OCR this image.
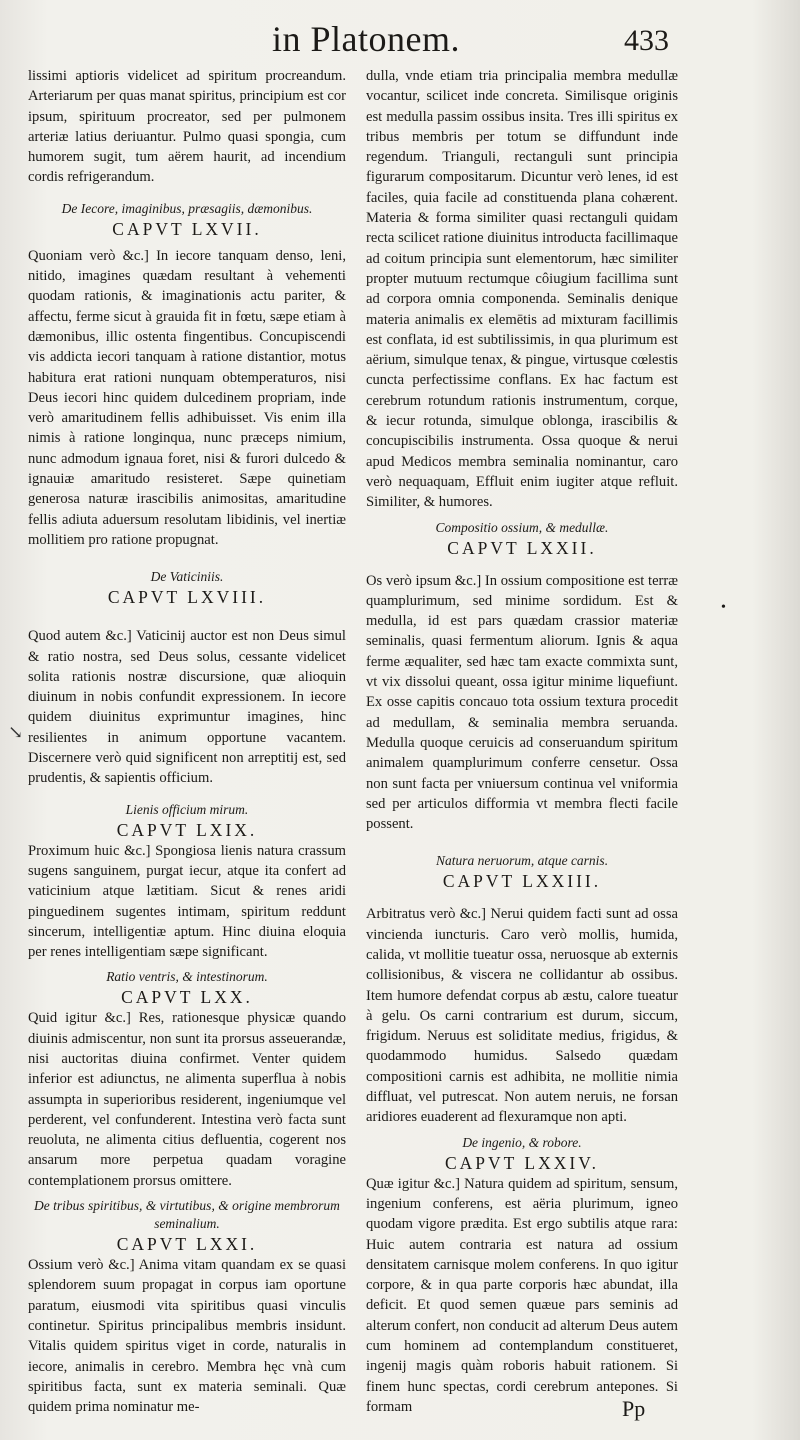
in Platonem.	433
↘
•

lissimi aptioris videlicet ad spiritum procreandum. Arteriarum per quas manat spiritus, principium est cor ipsum, spirituum procreator, sed per pulmonem arteriæ latius deriuantur. Pulmo quasi spongia, cum humorem sugit, tum aërem haurit, ad incendium cordis refrigerandum.

De Iecore, imaginibus, præsagiis, dæmonibus.

CAPVT LXVII.

Quoniam verò &c.] In iecore tanquam denso, leni, nitido, imagines quædam resultant à vehementi quodam rationis, & imaginationis actu pariter, & affectu, ferme sicut à grauida fit in fœtu, sæpe etiam à dæmonibus, illic ostenta fingentibus. Concupiscendi vis addicta iecori tanquam à ratione distantior, motus habitura erat rationi nunquam obtemperaturos, nisi Deus iecori hinc quidem dulcedinem propriam, inde verò amaritudinem fellis adhibuisset. Vis enim illa nimis à ratione longinqua, nunc præceps nimium, nunc admodum ignaua foret, nisi & furori dulcedo & ignauiæ amaritudo resisteret. Sæpe quinetiam generosa naturæ irascibilis animositas, amaritudine fellis adiuta aduersum resolutam libidinis, vel inertiæ mollitiem pro ratione propugnat.

De Vaticiniis.

CAPVT LXVIII.

Quod autem &c.] Vaticinij auctor est non Deus simul & ratio nostra, sed Deus solus, cessante videlicet solita rationis nostræ discursione, quæ alioquin diuinum in nobis confundit expressionem. In iecore quidem diuinitus exprimuntur imagines, hinc resilientes in animum opportune vacantem. Discernere verò quid significent non arreptitij est, sed prudentis, & sapientis officium.

Lienis officium mirum.

CAPVT LXIX.

Proximum huic &c.] Spongiosa lienis natura crassum sugens sanguinem, purgat iecur, atque ita confert ad vaticinium atque lætitiam. Sicut & renes aridi pinguedinem sugentes intimam, spiritum reddunt sincerum, intelligentiæ aptum. Hinc diuina eloquia per renes intelligentiam sæpe significant.

Ratio ventris, & intestinorum.

CAPVT LXX.

Quid igitur &c.] Res, rationesque physicæ quando diuinis admiscentur, non sunt ita prorsus asseuerandæ, nisi auctoritas diuina confirmet. Venter quidem inferior est adiunctus, ne alimenta superflua à nobis assumpta in superioribus residerent, ingeniumque vel perderent, vel confunderent. Intestina verò facta sunt reuoluta, ne alimenta citius defluentia, cogerent nos ansarum more perpetua quadam voragine contemplationem prorsus omittere.

De tribus spiritibus, & virtutibus, & origine membrorum seminalium.

CAPVT LXXI.

Ossium verò &c.] Anima vitam quandam ex se quasi splendorem suum propagat in corpus iam oportune paratum, eiusmodi vita spiritibus quasi vinculis continetur. Spiritus principalibus membris insidunt. Vitalis quidem spiritus viget in corde, naturalis in iecore, animalis in cerebro. Membra hęc vnà cum spiritibus facta, sunt ex materia seminali. Quæ quidem prima nominatur me-

dulla, vnde etiam tria principalia membra medullæ vocantur, scilicet inde concreta. Similisque originis est medulla passim ossibus insita. Tres illi spiritus ex tribus membris per totum se diffundunt inde regendum. Trianguli, rectanguli sunt principia figurarum compositarum. Dicuntur verò lenes, id est faciles, quia facile ad constituenda plana cohærent. Materia & forma similiter quasi rectanguli quidam recta scilicet ratione diuinitus introducta facillimaque ad coitum principia sunt elementorum, hæc similiter propter mutuum rectumque côiugium facillima sunt ad corpora omnia componenda. Seminalis denique materia animalis ex elemētis ad mixturam facillimis est conflata, id est subtilissimis, in qua plurimum est aërium, simulque tenax, & pingue, virtusque cœlestis cuncta perfectissime conflans. Ex hac factum est cerebrum rotundum rationis instrumentum, corque, & iecur rotunda, simulque oblonga, irascibilis & concupiscibilis instrumenta. Ossa quoque & nerui apud Medicos membra seminalia nominantur, caro verò nequaquam, Effluit enim iugiter atque refluit. Similiter, & humores.

Compositio ossium, & medullæ.

CAPVT LXXII.

Os verò ipsum &c.] In ossium compositione est terræ quamplurimum, sed minime sordidum. Est & medulla, id est pars quædam crassior materiæ seminalis, quasi fermentum aliorum. Ignis & aqua ferme æqualiter, sed hæc tam exacte commixta sunt, vt vix dissolui queant, ossa igitur minime liquefiunt. Ex osse capitis concauo tota ossium textura procedit ad medullam, & seminalia membra seruanda. Medulla quoque ceruicis ad conseruandum spiritum animalem quamplurimum conferre censetur. Ossa non sunt facta per vniuersum continua vel vniformia sed per articulos difformia vt membra flecti facile possent.

Natura neruorum, atque carnis.

CAPVT LXXIII.

Arbitratus verò &c.] Nerui quidem facti sunt ad ossa vincienda iuncturis. Caro verò mollis, humida, calida, vt mollitie tueatur ossa, neruosque ab externis collisionibus, & viscera ne collidantur ab ossibus. Item humore defendat corpus ab æstu, calore tueatur à gelu. Os carni contrarium est durum, siccum, frigidum. Neruus est soliditate medius, frigidus, & quodammodo humidus. Salsedo quædam compositioni carnis est adhibita, ne mollitie nimia diffluat, vel putrescat. Non autem neruis, ne forsan aridiores euaderent ad flexuramque non apti.

De ingenio, & robore.

CAPVT LXXIV.

Quæ igitur &c.] Natura quidem ad spiritum, sensum, ingenium conferens, est aëria plurimum, igneo quodam vigore prædita. Est ergo subtilis atque rara: Huic autem contraria est natura ad ossium densitatem carnisque molem conferens. In quo igitur corpore, & in qua parte corporis hæc abundat, illa deficit. Et quod semen quæue pars seminis ad alterum confert, non conducit ad alterum Deus autem cum hominem ad contemplandum constitueret, ingenij magis quàm roboris habuit rationem. Si finem hunc spectas, cordi cerebrum antepones. Si formam	Pp
